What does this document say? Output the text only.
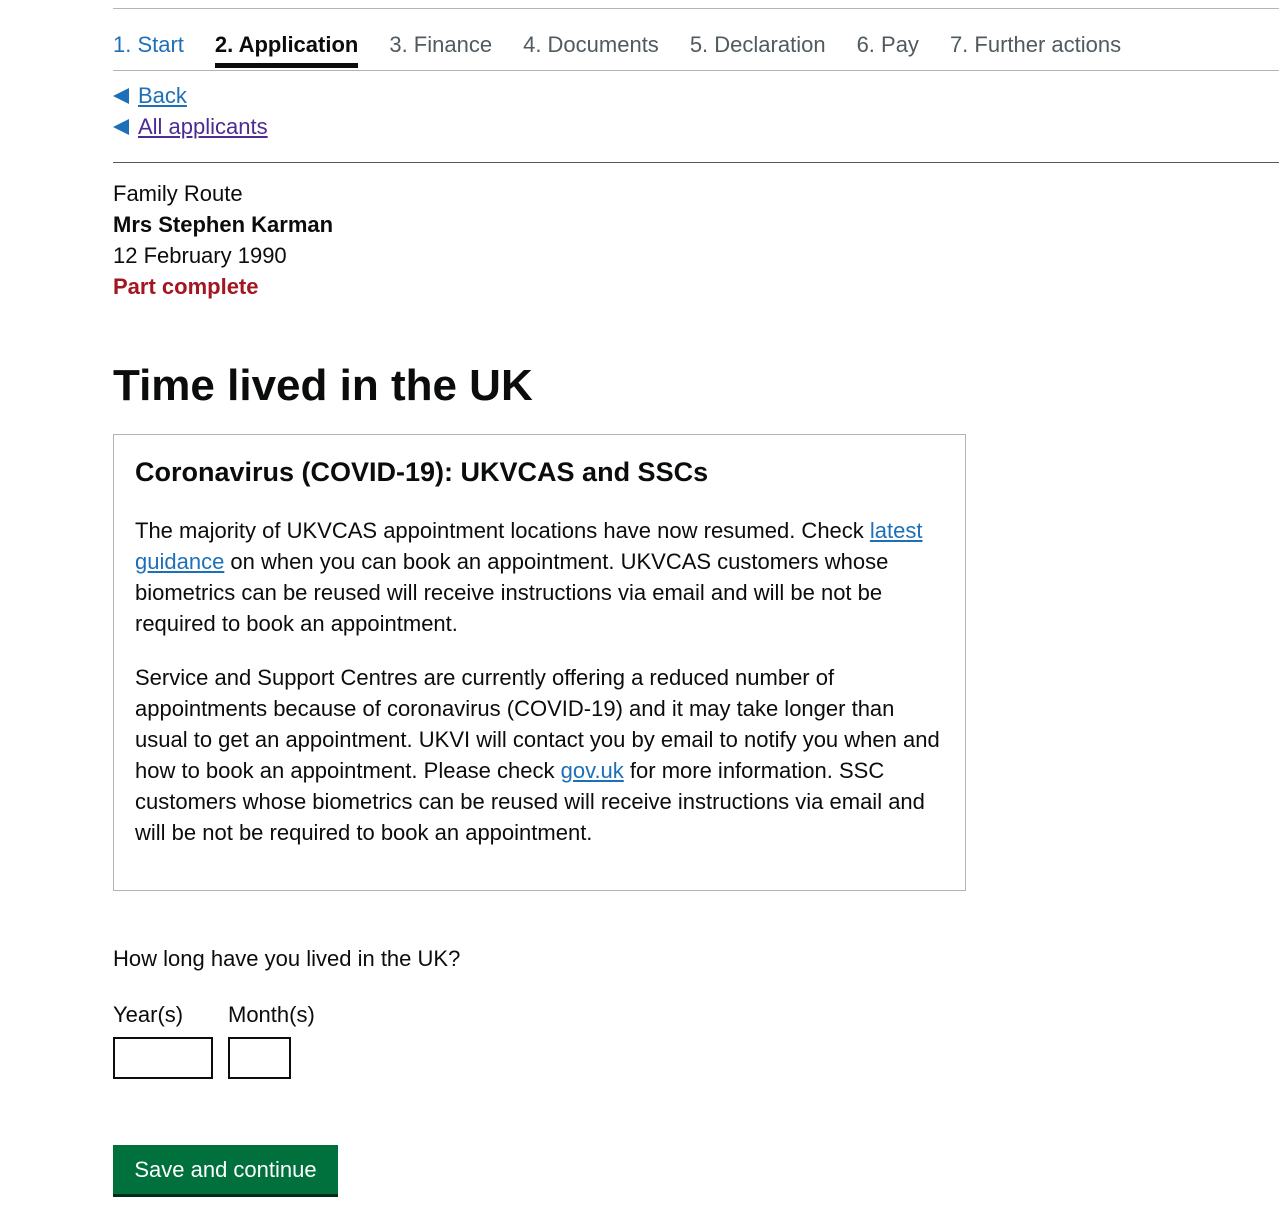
1. Start 2. Application 3. Finance 4. Documents 5. Declaration 6. Pay 7. Further actions
Back
All applicants
Family Route
Mrs Stephen Karman
12 February 1990
Part complete
Time lived in the UK
Coronavirus (COVID-19): UKVCAS and SSCs

The majority of UKVCAS appointment locations have now resumed. Check latest guidance on when you can book an appointment. UKVCAS customers whose biometrics can be reused will receive instructions via email and will be not be required to book an appointment.

Service and Support Centres are currently offering a reduced number of appointments because of coronavirus (COVID-19) and it may take longer than usual to get an appointment. UKVI will contact you by email to notify you when and how to book an appointment. Please check gov.uk for more information. SSC customers whose biometrics can be reused will receive instructions via email and will be not be required to book an appointment.

How long have you lived in the UK?
Year(s)	Month(s)
Save and continue
